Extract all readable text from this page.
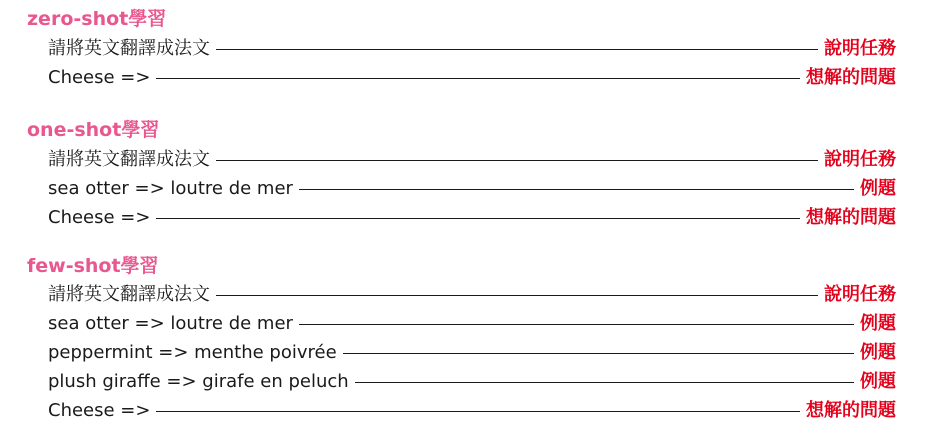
zero-shot學習
請將英文翻譯成法文	說明任務
Cheese =>	想解的問題
one-shot學習
請將英文翻譯成法文	說明任務
sea otter => loutre de mer	例題
Cheese =>	想解的問題
few-shot學習
請將英文翻譯成法文	說明任務
sea otter => loutre de mer	例題
peppermint => menthe poivrée	例題
plush giraffe => girafe en peluch	例題
Cheese =>	想解的問題
